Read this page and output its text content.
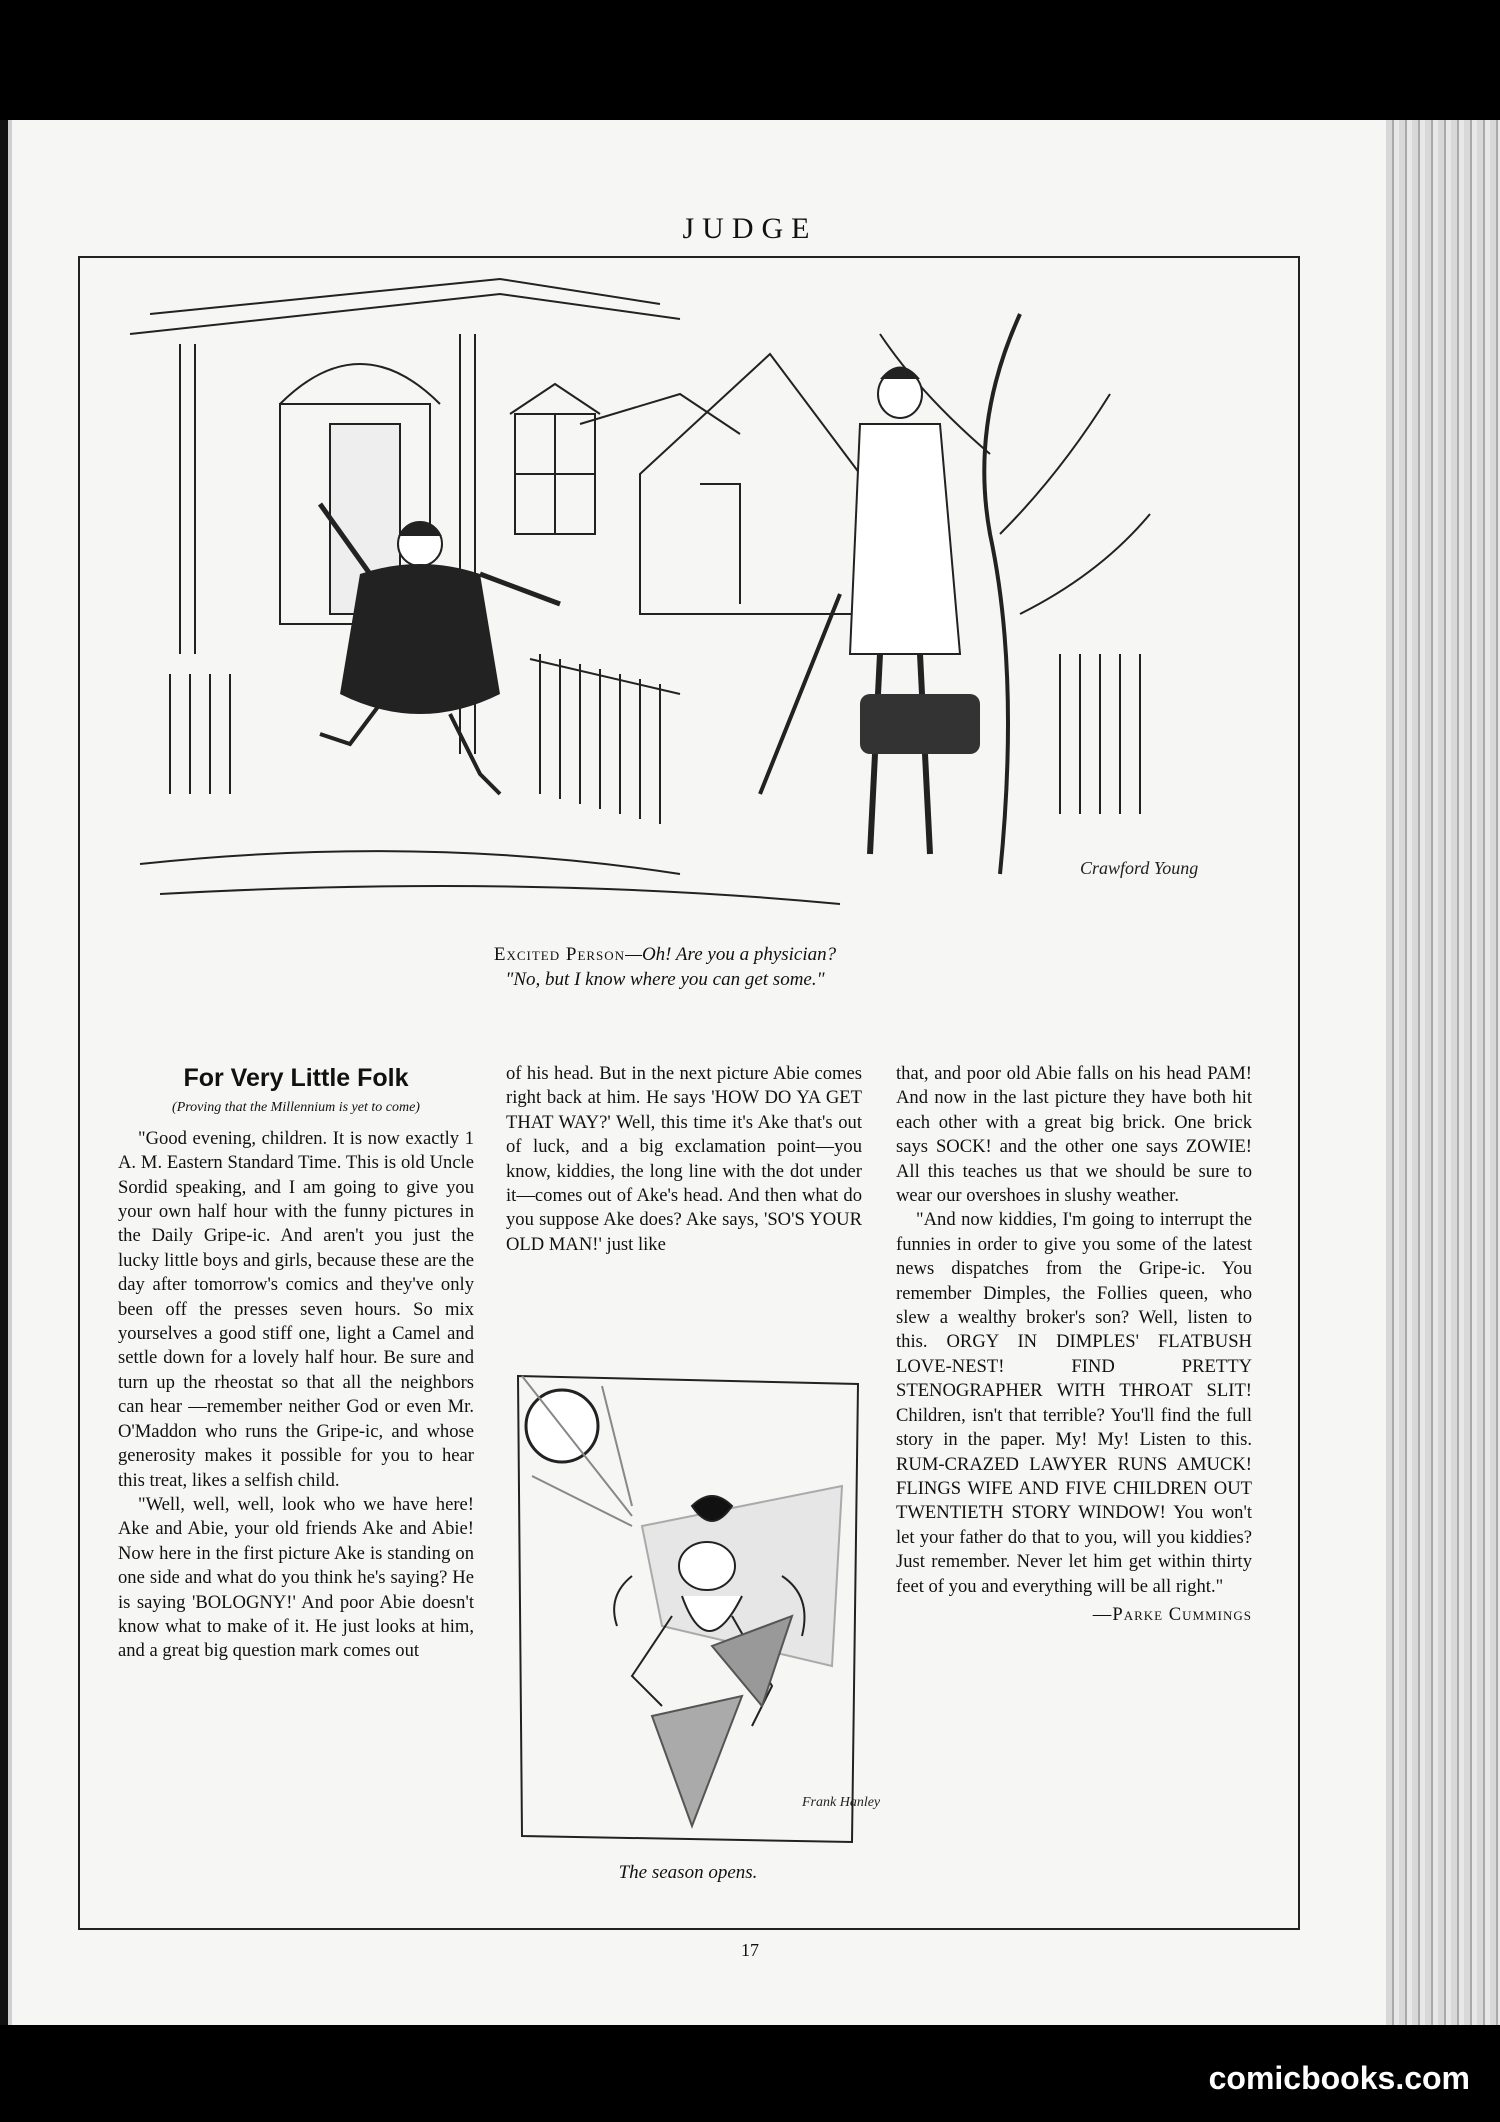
JUDGE
Crawford Young
Excited Person—Oh! Are you a physician?
"No, but I know where you can get some."
For Very Little Folk
(Proving that the Millennium is yet to come)

"Good evening, children. It is now exactly 1 A. M. Eastern Standard Time. This is old Uncle Sordid speaking, and I am going to give you your own half hour with the funny pictures in the Daily Gripe-ic. And aren't you just the lucky little boys and girls, because these are the day after tomorrow's comics and they've only been off the presses seven hours. So mix yourselves a good stiff one, light a Camel and settle down for a lovely half hour. Be sure and turn up the rheostat so that all the neighbors can hear —remember neither God or even Mr. O'Maddon who runs the Gripe-ic, and whose generosity makes it possible for you to hear this treat, likes a selfish child.

"Well, well, well, look who we have here! Ake and Abie, your old friends Ake and Abie! Now here in the first picture Ake is standing on one side and what do you think he's saying? He is saying 'BOLOGNY!' And poor Abie doesn't know what to make of it. He just looks at him, and a great big question mark comes out

of his head. But in the next picture Abie comes right back at him. He says 'HOW DO YA GET THAT WAY?' Well, this time it's Ake that's out of luck, and a big exclamation point—you know, kiddies, the long line with the dot under it—comes out of Ake's head. And then what do you suppose Ake does? Ake says, 'SO'S YOUR OLD MAN!' just like

Frank Hanley
The season opens.

that, and poor old Abie falls on his head PAM! And now in the last picture they have both hit each other with a great big brick. One brick says SOCK! and the other one says ZOWIE! All this teaches us that we should be sure to wear our overshoes in slushy weather.

"And now kiddies, I'm going to interrupt the funnies in order to give you some of the latest news dispatches from the Gripe-ic. You remember Dimples, the Follies queen, who slew a wealthy broker's son? Well, listen to this. ORGY IN DIMPLES' FLATBUSH LOVE-NEST! FIND PRETTY STENOGRAPHER WITH THROAT SLIT! Children, isn't that terrible? You'll find the full story in the paper. My! My! Listen to this. RUM-CRAZED LAWYER RUNS AMUCK! FLINGS WIFE AND FIVE CHILDREN OUT TWENTIETH STORY WINDOW! You won't let your father do that to you, will you kiddies? Just remember. Never let him get within thirty feet of you and everything will be all right."

—Parke Cummings
17
comicbooks.com
